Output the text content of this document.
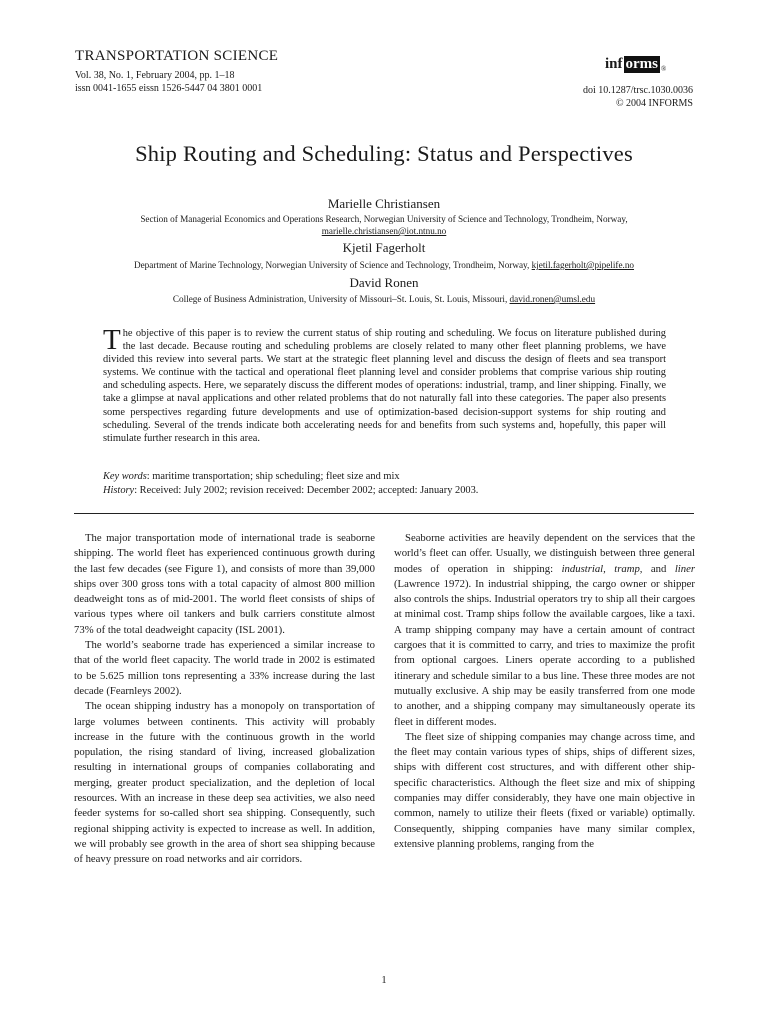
TRANSPORTATION SCIENCE
Vol. 38, No. 1, February 2004, pp. 1–18
issn 0041-1655 eissn 1526-5447 04 3801 0001
inf orms ®
doi 10.1287/trsc.1030.0036
© 2004 INFORMS
Ship Routing and Scheduling: Status and Perspectives
Marielle Christiansen
Section of Managerial Economics and Operations Research, Norwegian University of Science and Technology, Trondheim, Norway,
marielle.christiansen@iot.ntnu.no
Kjetil Fagerholt
Department of Marine Technology, Norwegian University of Science and Technology, Trondheim, Norway, kjetil.fagerholt@pipelife.no
David Ronen
College of Business Administration, University of Missouri–St. Louis, St. Louis, Missouri, david.ronen@umsl.edu
The objective of this paper is to review the current status of ship routing and scheduling. We focus on literature published during the last decade. Because routing and scheduling problems are closely related to many other fleet planning problems, we have divided this review into several parts. We start at the strategic fleet planning level and discuss the design of fleets and sea transport systems. We continue with the tactical and operational fleet planning level and consider problems that comprise various ship routing and scheduling aspects. Here, we separately discuss the different modes of operations: industrial, tramp, and liner shipping. Finally, we take a glimpse at naval applications and other related problems that do not naturally fall into these categories. The paper also presents some perspectives regarding future developments and use of optimization-based decision-support systems for ship routing and scheduling. Several of the trends indicate both accelerating needs for and benefits from such systems and, hopefully, this paper will stimulate further research in this area.
Key words: maritime transportation; ship scheduling; fleet size and mix
History: Received: July 2002; revision received: December 2002; accepted: January 2003.

The major transportation mode of international trade is seaborne shipping. The world fleet has experienced continuous growth during the last few decades (see Figure 1), and consists of more than 39,000 ships over 300 gross tons with a total capacity of almost 800 million deadweight tons as of mid-2001. The world fleet consists of ships of various types where oil tankers and bulk carriers constitute almost 73% of the total deadweight capacity (ISL 2001).

The world’s seaborne trade has experienced a similar increase to that of the world fleet capacity. The world trade in 2002 is estimated to be 5.625 million tons representing a 33% increase during the last decade (Fearnleys 2002).

The ocean shipping industry has a monopoly on transportation of large volumes between continents. This activity will probably increase in the future with the continuous growth in the world population, the rising standard of living, increased globalization resulting in international groups of companies collaborating and merging, greater product specialization, and the depletion of local resources. With an increase in these deep sea activities, we also need feeder systems for so-called short sea shipping. Consequently, such regional shipping activity is expected to increase as well. In addition, we will probably see growth in the area of short sea shipping because of heavy pressure on road networks and air corridors.

Seaborne activities are heavily dependent on the services that the world’s fleet can offer. Usually, we distinguish between three general modes of operation in shipping: industrial, tramp, and liner (Lawrence 1972). In industrial shipping, the cargo owner or shipper also controls the ships. Industrial operators try to ship all their cargoes at minimal cost. Tramp ships follow the available cargoes, like a taxi. A tramp shipping company may have a certain amount of contract cargoes that it is committed to carry, and tries to maximize the profit from optional cargoes. Liners operate according to a published itinerary and schedule similar to a bus line. These three modes are not mutually exclusive. A ship may be easily transferred from one mode to another, and a shipping company may simultaneously operate its fleet in different modes.

The fleet size of shipping companies may change across time, and the fleet may contain various types of ships, ships of different sizes, ships with different cost structures, and with different other ship-specific characteristics. Although the fleet size and mix of shipping companies may differ considerably, they have one main objective in common, namely to utilize their fleets (fixed or variable) optimally. Consequently, shipping companies have many similar complex, extensive planning problems, ranging from the

1
